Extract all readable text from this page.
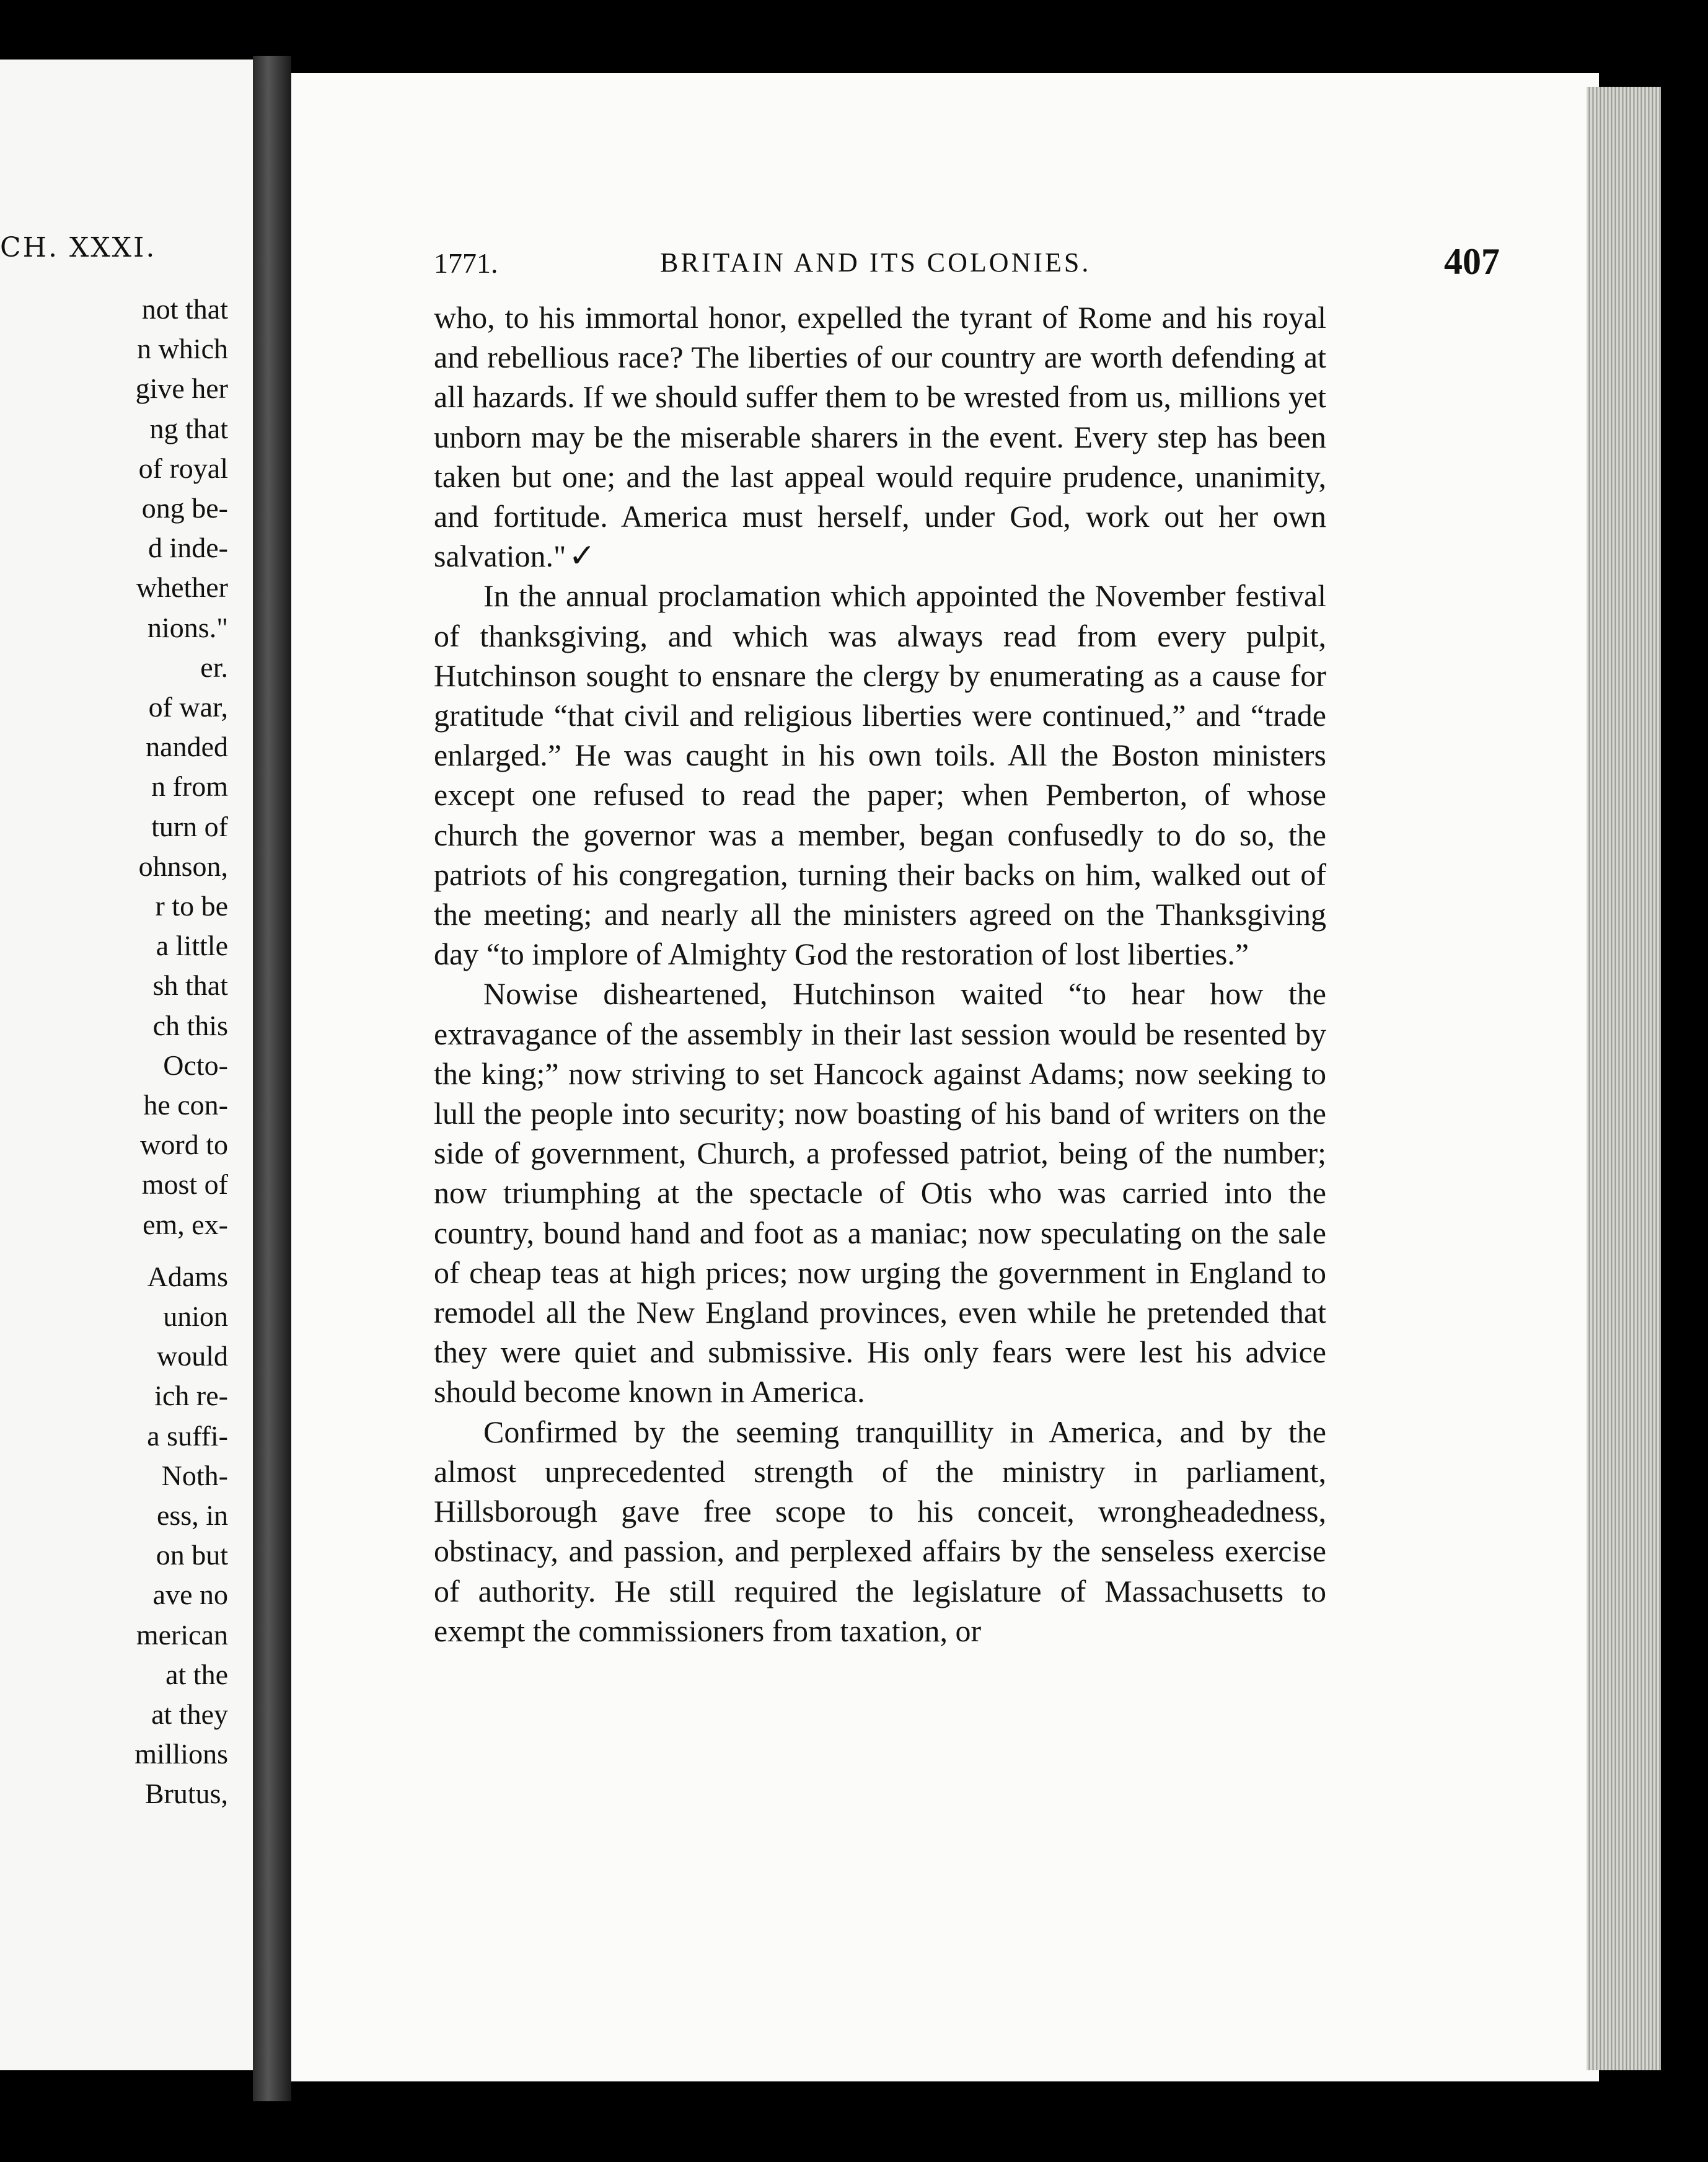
CH. XXXI.
not that
n which
give her
ng that
of royal
ong be-
d inde-
whether
nions."
er.
of war,
nanded
n from
turn of
ohnson,
r to be
a little
sh that
ch this
Octo-
he con-
word to
most of
em, ex-
Adams
union
would
ich re-
a suffi-
Noth-
ess, in
on but
ave no
merican
at the
at they
millions
Brutus,
1771.	BRITAIN AND ITS COLONIES.	407

who, to his immortal honor, expelled the tyrant of Rome and his royal and rebellious race? The liberties of our country are worth defending at all hazards. If we should suffer them to be wrested from us, millions yet unborn may be the miserable sharers in the event. Every step has been taken but one; and the last appeal would require prudence, unanimity, and fortitude. America must herself, under God, work out her own salvation."✓

In the annual proclamation which appointed the November festival of thanksgiving, and which was always read from every pulpit, Hutchinson sought to ensnare the clergy by enumerating as a cause for gratitude “that civil and religious liberties were continued,” and “trade enlarged.” He was caught in his own toils. All the Boston ministers except one refused to read the paper; when Pemberton, of whose church the governor was a member, began confusedly to do so, the patriots of his congregation, turning their backs on him, walked out of the meeting; and nearly all the ministers agreed on the Thanksgiving day “to implore of Almighty God the restoration of lost liberties.”

Nowise disheartened, Hutchinson waited “to hear how the extravagance of the assembly in their last session would be resented by the king;” now striving to set Hancock against Adams; now seeking to lull the people into security; now boasting of his band of writers on the side of government, Church, a professed patriot, being of the number; now triumphing at the spectacle of Otis who was carried into the country, bound hand and foot as a maniac; now speculating on the sale of cheap teas at high prices; now urging the government in England to remodel all the New England provinces, even while he pretended that they were quiet and submissive. His only fears were lest his advice should become known in America.

Confirmed by the seeming tranquillity in America, and by the almost unprecedented strength of the ministry in parliament, Hillsborough gave free scope to his conceit, wrongheadedness, obstinacy, and passion, and perplexed affairs by the senseless exercise of authority. He still required the legislature of Massachusetts to exempt the commissioners from taxation, or
